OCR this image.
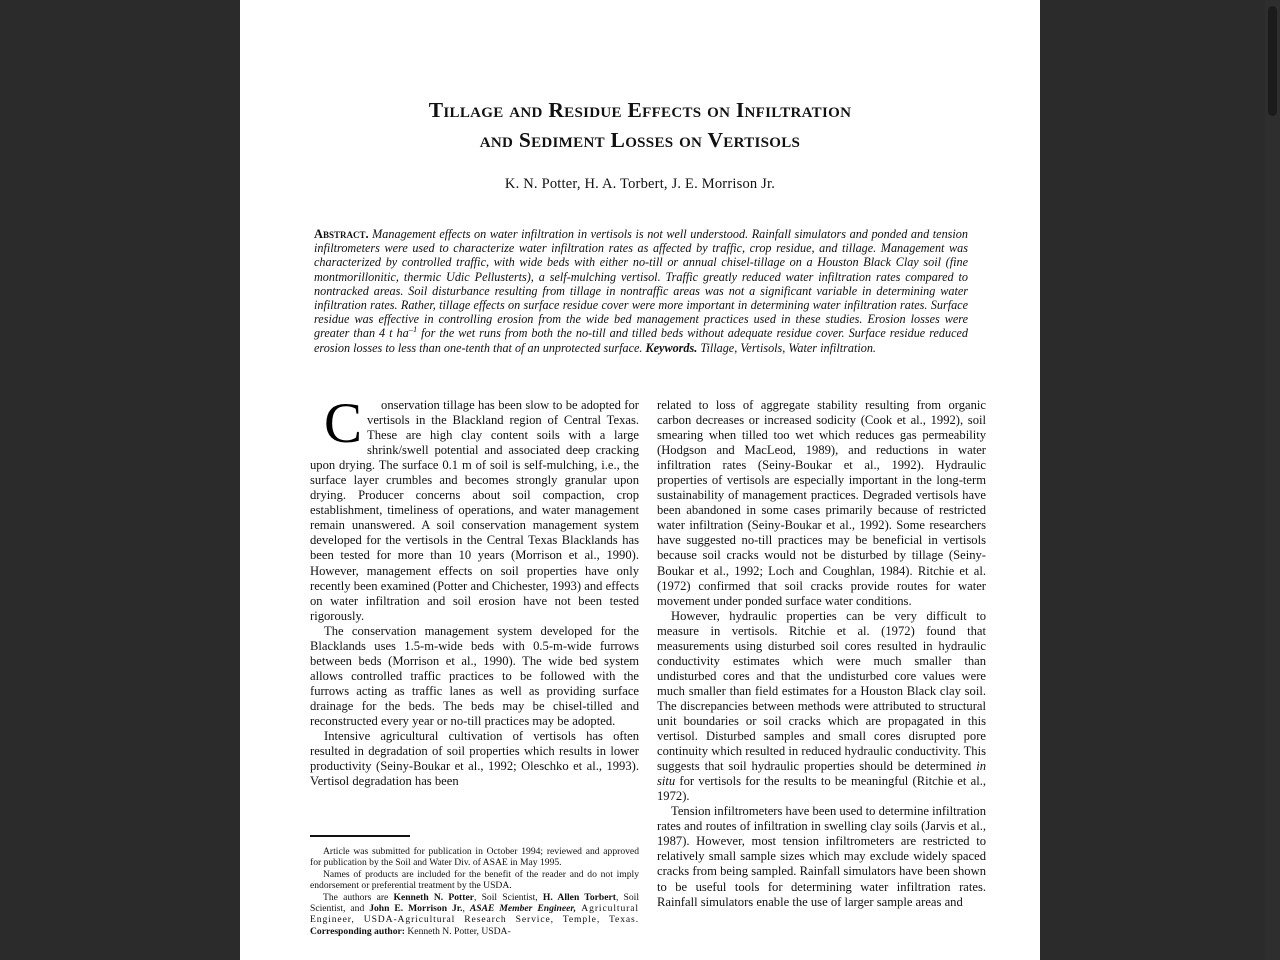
Tillage and Residue Effects on Infiltration
and Sediment Losses on Vertisols
K. N. Potter, H. A. Torbert, J. E. Morrison Jr.
Abstract. Management effects on water infiltration in vertisols is not well understood. Rainfall simulators and ponded and tension infiltrometers were used to characterize water infiltration rates as affected by traffic, crop residue, and tillage. Management was characterized by controlled traffic, with wide beds with either no-till or annual chisel-tillage on a Houston Black Clay soil (fine montmorillonitic, thermic Udic Pellusterts), a self-mulching vertisol. Traffic greatly reduced water infiltration rates compared to nontracked areas. Soil disturbance resulting from tillage in nontraffic areas was not a significant variable in determining water infiltration rates. Rather, tillage effects on surface residue cover were more important in determining water infiltration rates. Surface residue was effective in controlling erosion from the wide bed management practices used in these studies. Erosion losses were greater than 4 t $ha^{-1}$ for the wet runs from both the no-till and tilled beds without adequate residue cover. Surface residue reduced erosion losses to less than one-tenth that of an unprotected surface. Keywords. Tillage, Vertisols, Water infiltration.

C	onservation tillage has been slow to be adopted for vertisols in the Blackland region of Central Texas. These are high clay content soils with a large shrink/swell potential and associated deep cracking upon drying. The surface 0.1 m of soil is self-mulching, i.e., the surface layer crumbles and becomes strongly granular upon drying. Producer concerns about soil compaction, crop establishment, timeliness of operations, and water management remain unanswered. A soil conservation management system developed for the vertisols in the Central Texas Blacklands has been tested for more than 10 years (Morrison et al., 1990). However, management effects on soil properties have only recently been examined (Potter and Chichester, 1993) and effects on water infiltration and soil erosion have not been tested rigorously.

The conservation management system developed for the Blacklands uses 1.5-m-wide beds with 0.5-m-wide furrows between beds (Morrison et al., 1990). The wide bed system allows controlled traffic practices to be followed with the furrows acting as traffic lanes as well as providing surface drainage for the beds. The beds may be chisel-tilled and reconstructed every year or no-till practices may be adopted.

Intensive agricultural cultivation of vertisols has often resulted in degradation of soil properties which results in lower productivity (Seiny-Boukar et al., 1992; Oleschko et al., 1993). Vertisol degradation has been

Article was submitted for publication in October 1994; reviewed and approved for publication by the Soil and Water Div. of ASAE in May 1995.

Names of products are included for the benefit of the reader and do not imply endorsement or preferential treatment by the USDA.

The authors are Kenneth N. Potter, Soil Scientist, H. Allen Torbert, Soil Scientist, and John E. Morrison Jr., ASAE Member Engineer, Agricultural Engineer, USDA-Agricultural Research Service, Temple, Texas. Corresponding author: Kenneth N. Potter, USDA-

related to loss of aggregate stability resulting from organic carbon decreases or increased sodicity (Cook et al., 1992), soil smearing when tilled too wet which reduces gas permeability (Hodgson and MacLeod, 1989), and reductions in water infiltration rates (Seiny-Boukar et al., 1992). Hydraulic properties of vertisols are especially important in the long-term sustainability of management practices. Degraded vertisols have been abandoned in some cases primarily because of restricted water infiltration (Seiny-Boukar et al., 1992). Some researchers have suggested no-till practices may be beneficial in vertisols because soil cracks would not be disturbed by tillage (Seiny-Boukar et al., 1992; Loch and Coughlan, 1984). Ritchie et al. (1972) confirmed that soil cracks provide routes for water movement under ponded surface water conditions.

However, hydraulic properties can be very difficult to measure in vertisols. Ritchie et al. (1972) found that measurements using disturbed soil cores resulted in hydraulic conductivity estimates which were much smaller than undisturbed cores and that the undisturbed core values were much smaller than field estimates for a Houston Black clay soil. The discrepancies between methods were attributed to structural unit boundaries or soil cracks which are propagated in this vertisol. Disturbed samples and small cores disrupted pore continuity which resulted in reduced hydraulic conductivity. This suggests that soil hydraulic properties should be determined in situ for vertisols for the results to be meaningful (Ritchie et al., 1972).

Tension infiltrometers have been used to determine infiltration rates and routes of infiltration in swelling clay soils (Jarvis et al., 1987). However, most tension infiltrometers are restricted to relatively small sample sizes which may exclude widely spaced cracks from being sampled. Rainfall simulators have been shown to be useful tools for determining water infiltration rates. Rainfall simulators enable the use of larger sample areas and
